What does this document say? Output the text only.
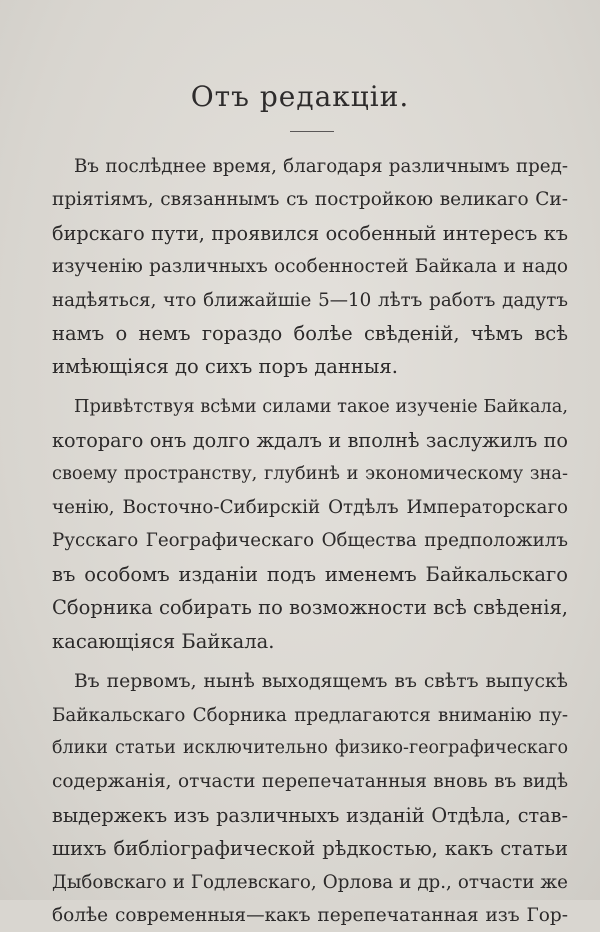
Отъ редакціи.
Въ послѣднее время, благодаря различнымъ пред-
пріятіямъ, связаннымъ съ постройкою великаго Си-
бирскаго пути, проявился особенный интересъ къ
изученію различныхъ особенностей Байкала и надо
надѣяться, что ближайшіе 5—10 лѣтъ работъ дадутъ
намъ о немъ гораздо болѣе свѣденій, чѣмъ всѣ
имѣющіяся до сихъ поръ данныя.
Привѣтствуя всѣми силами такое изученіе Байкала,
котораго онъ долго ждалъ и вполнѣ заслужилъ по
своему пространству, глубинѣ и экономическому зна-
ченію, Восточно-Сибирскій Отдѣлъ Императорскаго
Русскаго Географическаго Общества предположилъ
въ особомъ изданіи подъ именемъ Байкальскаго
Сборника собирать по возможности всѣ свѣденія,
касающіяся Байкала.
Въ первомъ, нынѣ выходящемъ въ свѣтъ выпускѣ
Байкальскаго Сборника предлагаются вниманію пу-
блики статьи исключительно физико-географическаго
содержанія, отчасти перепечатанныя вновь въ видѣ
выдержекъ изъ различныхъ изданій Отдѣла, став-
шихъ библіографической рѣдкостью, какъ статьи
Дыбовскаго и Годлевскаго, Орлова и др., отчасти же
болѣе современныя—какъ перепечатанная изъ Гор-
